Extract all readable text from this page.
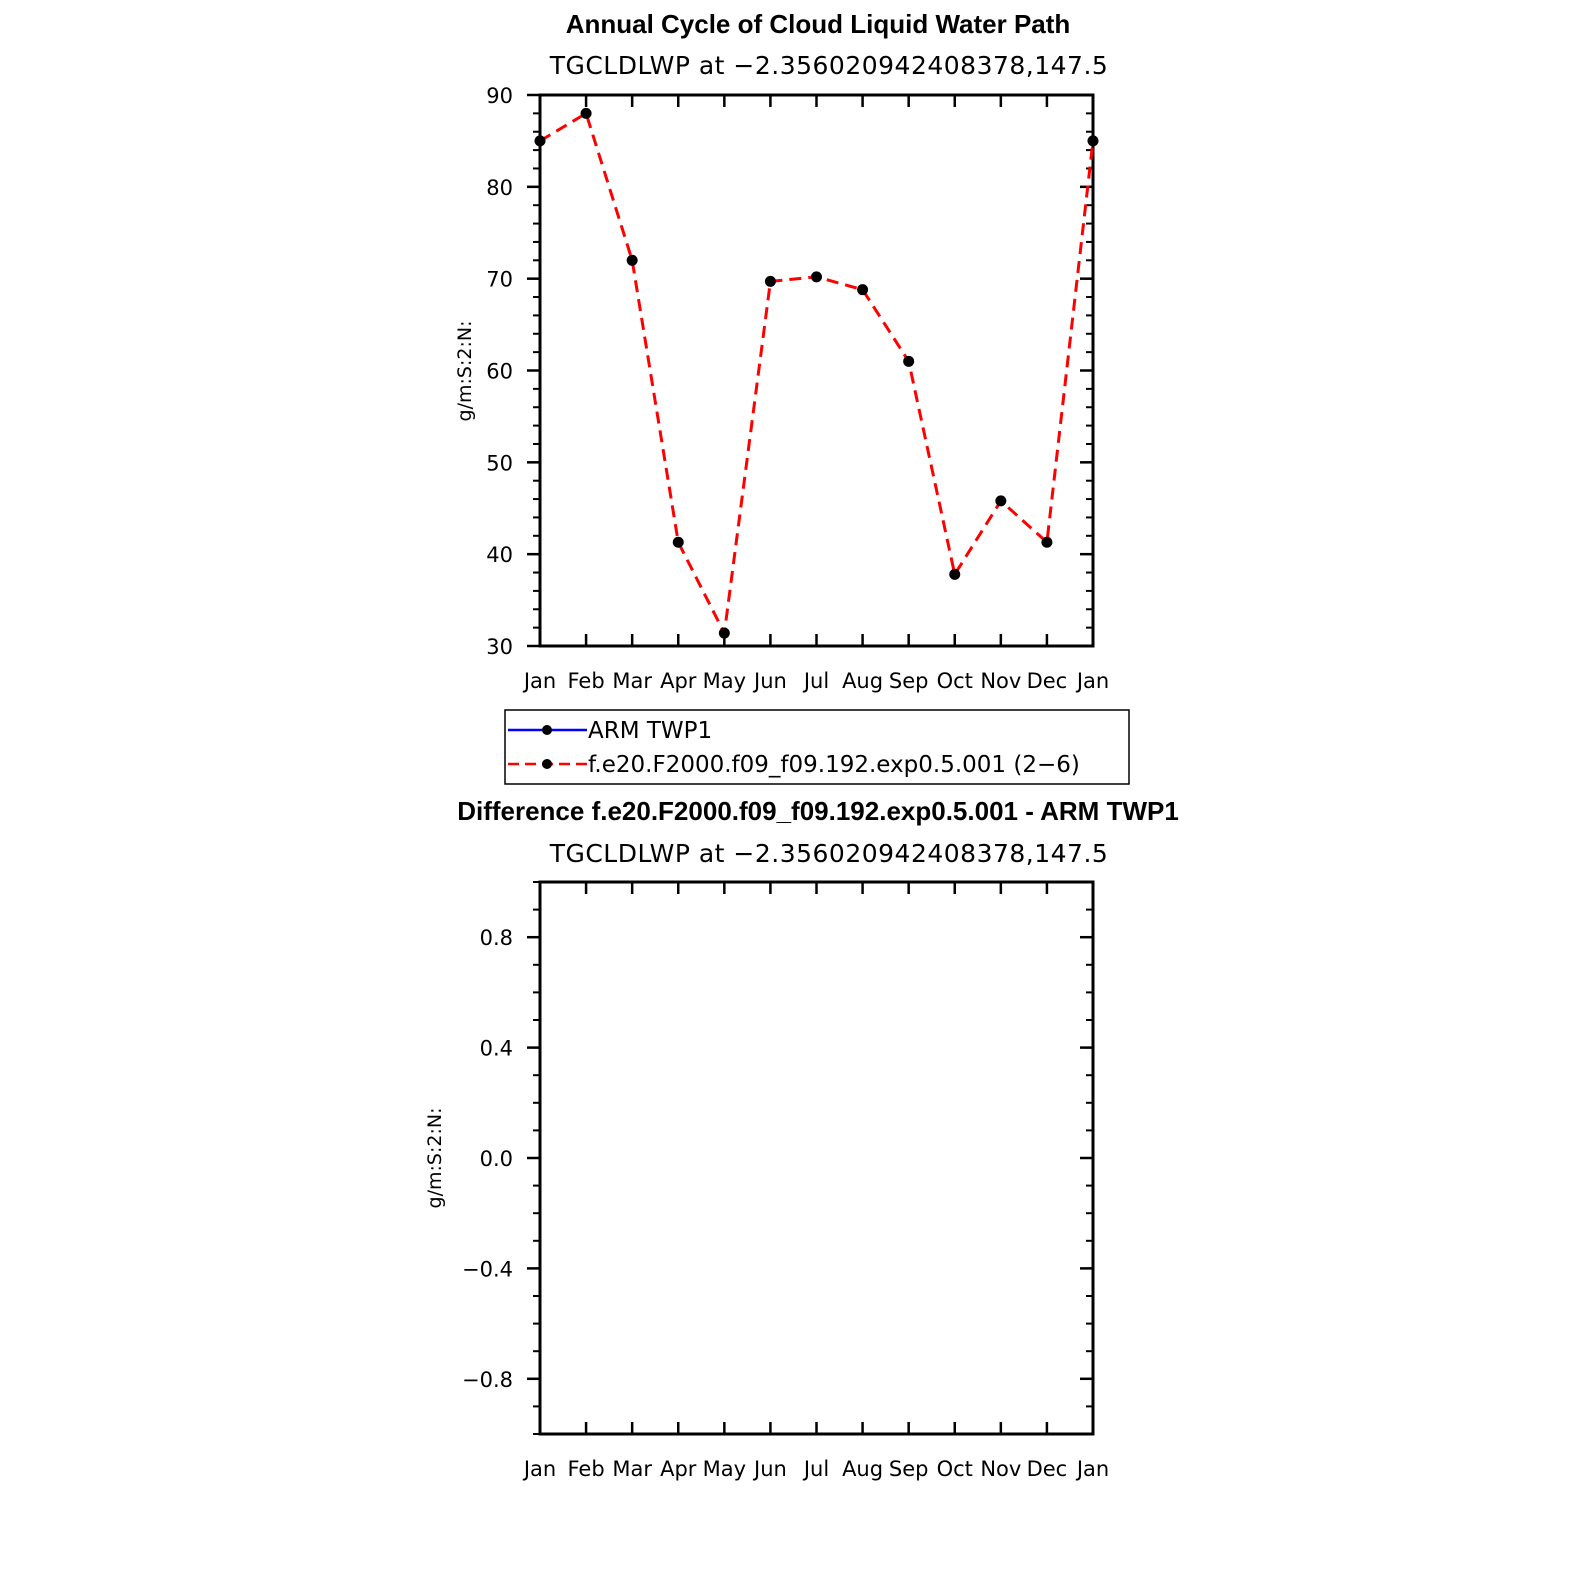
Annual Cycle of Cloud Liquid Water Path
TGCLDLWP at −2.356020942408378,147.5
Jan Feb Mar Apr May Jun Jul Aug Sep Oct Nov Dec Jan
30
40
50
60
70
80
90
g/m:S:2:N:
ARM TWP1
f.e20.F2000.f09_f09.192.exp0.5.001 (2−6)
Difference f.e20.F2000.f09_f09.192.exp0.5.001 - ARM TWP1
TGCLDLWP at −2.356020942408378,147.5
Jan Feb Mar Apr May Jun Jul Aug Sep Oct Nov Dec Jan
−0.8
−0.4
0.0
0.4
0.8
g/m:S:2:N:
